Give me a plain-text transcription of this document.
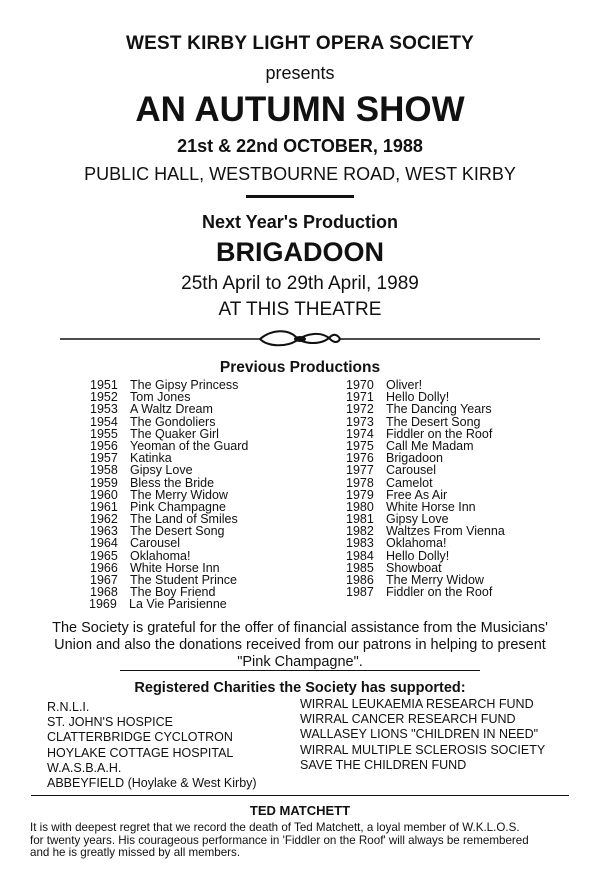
WEST KIRBY LIGHT OPERA SOCIETY
presents
AN AUTUMN SHOW
21st & 22nd OCTOBER, 1988
PUBLIC HALL, WESTBOURNE ROAD, WEST KIRBY
Next Year's Production
BRIGADOON
25th April to 29th April, 1989
AT THIS THEATRE
Previous Productions
1951 The Gipsy Princess
1952 Tom Jones
1953 A Waltz Dream
1954 The Gondoliers
1955 The Quaker Girl
1956 Yeoman of the Guard
1957 Katinka
1958 Gipsy Love
1959 Bless the Bride
1960 The Merry Widow
1961 Pink Champagne
1962 The Land of Smiles
1963 The Desert Song
1964 Carousel
1965 Oklahoma!
1966 White Horse Inn
1967 The Student Prince
1968 The Boy Friend
1970 Oliver!
1971 Hello Dolly!
1972 The Dancing Years
1973 The Desert Song
1974 Fiddler on the Roof
1975 Call Me Madam
1976 Brigadoon
1977 Carousel
1978 Camelot
1979 Free As Air
1980 White Horse Inn
1981 Gipsy Love
1982 Waltzes From Vienna
1983 Oklahoma!
1984 Hello Dolly!
1985 Showboat
1986 The Merry Widow
1987 Fiddler on the Roof
1969 La Vie Parisienne
The Society is grateful for the offer of financial assistance from the Musicians'
Union and also the donations received from our patrons in helping to present
"Pink Champagne".
Registered Charities the Society has supported:
R.N.L.I.
ST. JOHN'S HOSPICE
CLATTERBRIDGE CYCLOTRON
HOYLAKE COTTAGE HOSPITAL
W.A.S.B.A.H.
ABBEYFIELD (Hoylake & West Kirby)
WIRRAL LEUKAEMIA RESEARCH FUND
WIRRAL CANCER RESEARCH FUND
WALLASEY LIONS "CHILDREN IN NEED"
WIRRAL MULTIPLE SCLEROSIS SOCIETY
SAVE THE CHILDREN FUND
TED MATCHETT
It is with deepest regret that we record the death of Ted Matchett, a loyal member of W.K.L.O.S.
for twenty years. His courageous performance in 'Fiddler on the Roof' will always be remembered
and he is greatly missed by all members.
